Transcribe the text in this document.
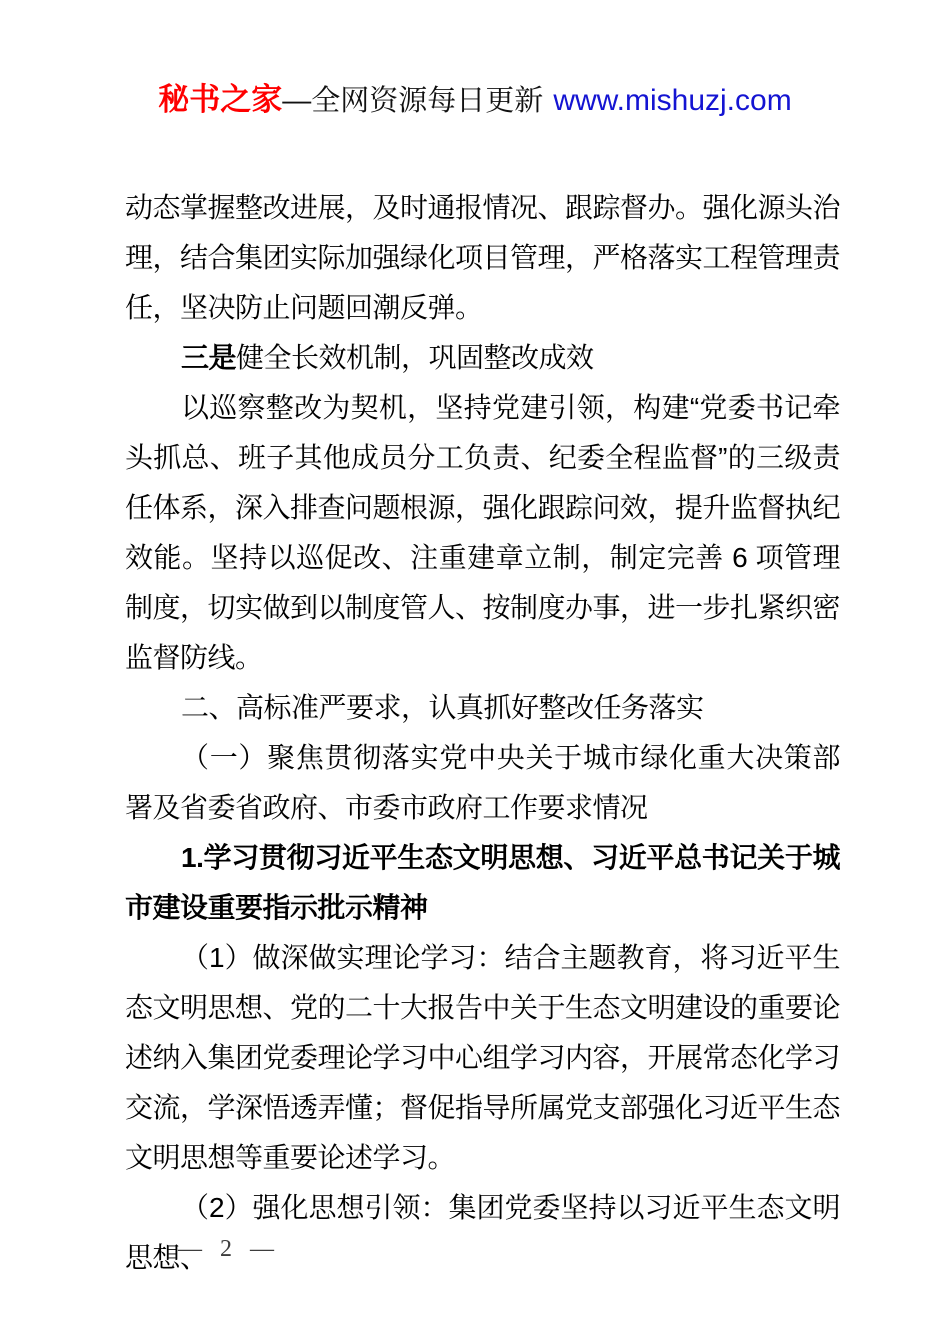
秘书之家—全网资源每日更新 www.mishuzj.com

动态掌握整改进展，及时通报情况、跟踪督办。强化源头治理，结合集团实际加强绿化项目管理，严格落实工程管理责任，坚决防止问题回潮反弹。

三是健全长效机制，巩固整改成效

以巡察整改为契机，坚持党建引领，构建“党委书记牵头抓总、班子其他成员分工负责、纪委全程监督”的三级责任体系，深入排查问题根源，强化跟踪问效，提升监督执纪效能。坚持以巡促改、注重建章立制，制定完善 6 项管理制度，切实做到以制度管人、按制度办事，进一步扎紧织密监督防线。

二、高标准严要求，认真抓好整改任务落实

（一）聚焦贯彻落实党中央关于城市绿化重大决策部署及省委省政府、市委市政府工作要求情况

1.学习贯彻习近平生态文明思想、习近平总书记关于城市建设重要指示批示精神

（1）做深做实理论学习：结合主题教育，将习近平生态文明思想、党的二十大报告中关于生态文明建设的重要论述纳入集团党委理论学习中心组学习内容，开展常态化学习交流，学深悟透弄懂；督促指导所属党支部强化习近平生态文明思想等重要论述学习。

（2）强化思想引领：集团党委坚持以习近平生态文明思想、

— 2 —
